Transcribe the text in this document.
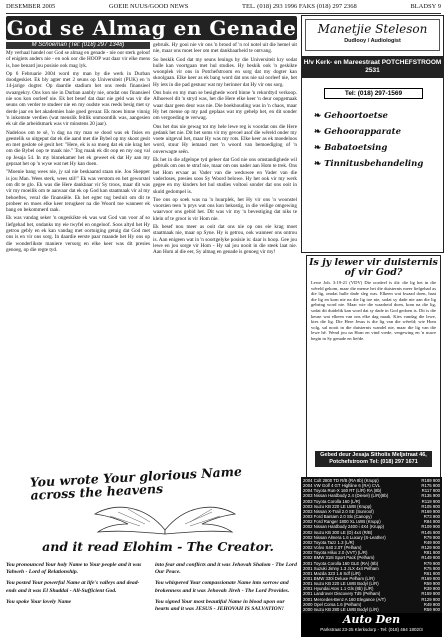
DESEMBER 2005	GOEIE NUUS/GOOD NEWS	TEL. (018) 293 1996 FAKS (018) 297 2368	BLADSY 9
God se Almag en Genade
M Schoeman (Tel: (018) 297 1348)

My verhaal handel oor God se almag en genade - nie oor sterk geloof of enigiets anders nie - en ook oor die HOOP wat daar vir elke mens is, hoe benard jou posisie ook mag lyk.

Op 6 Februarie 2004 word my man by die werk in Durban doodgeskiet. Ek bly agter met 2 seuns op Universiteit (PUK) en 'n 14-jarige dogter. Op daardie stadium het ons reeds finansieel swaargekry. Ons kon nie in Durban aanbly nie, omdat ons finansieel nie sou kon oorleef nie. Ek het besef dat daar nie geld was vir die seuns om verder te studeer nie en my oudste was reeds besig met sy derde jaar en het akademies baie goed gevaar. Ek moes binne vinnig 'n inkomste verdien (wat menslik feitlik onmoontlik was, aangesien ek uit die arbeidsmark was vir minstens 20 jaar).

Nadeloos om te sê, 'n dag na my man se dood was ek fisies en geestelik so uitgeput dat ek die aand met die Bybel op my skoot gesit en met geslote oë gesit het: "Here, ek is so moeg dat ek nie krag het om die Bybel oop te maak nie." Tog maak ek dit oop en my oog val op Jesaja 54. In my binnekamer het ek geweet ek dat Hy aan my gepraat het op 'n wyse wat net Hy kan doen.

"Moenie bang wees nie, jy sal nie beskaamd staan nie. Jou Skepper is jou Man. Wees sterk, wees stil!" Ek was verstom en het geworstel om dit te glo. Ek was die Here dankbaar vir Sy troos, maar dit was vir my moeilik om te aanvaar dat ek op God kan staatmaak vir al my behoeftes, veral die finansiële. Ek het egter tog besluit om dit te probeer en moes elke keer terugkeer na die Woord toe wanneer ek bang en bekommerd raak.

Ek was vandag seker 'n ongeskikte ek was wat God van voor af so liefgehad het, ondanks my eie twyfel en ongeloof. Soos altyd het Hy getrou gebly en ek kan vandag met oortuiging getuig dat God met ons is en vir ons sorg. In daardie eerste paar maande het Hy ons op die wonderlikste maniere versorg en elke keer was dit presies genoeg, op die regte tyd.

gebruik. Hy gooi nie vir ons 'n brood of 'n rol notel uit die hemel uit nie, maar ons moet leer om met dankbaarheid te ontvang.

So beskik God dat my seuns lenings by die Universiteit kry sodat hulle kan voortgaan met hul studies. Hy beskik ook 'n geskikte woonplek vir ons in Potchefstroom en sorg dat my dogter kan skoolgaan. Elke keer as ek bang word dat ons nie sal oorleef nie, het Hy iets in die pad gestuur wat my herinner dat Hy vir ons sorg.

Ons huis en my man se besighede word binne 'n rekordtyd verkoop. Alhoewel dit 'n stryd was, het die Here elke keer 'n deur oopgemaak waar daar geen deur was nie. Die boekhouding was in 'n chaos, maar Hy het mense op my pad geplaas wat my gehelp het, en dit sonder om vergoeding te verwag.

Ons het dus nie gewag tot my hele lewe reg is voordat ons die Here gedank het nie. Dit het soms vir my gevoel asof die wêreld onder my voete uitgeval het, maar Hy was my rots. Elke keer as ek moedeloos word, stuur Hy iemand met 'n woord van bemoediging of 'n onverwagte seën.

Ek het in die afgelope tyd geleer dat God nie ons omstandighede wil gebruik om ons te straf nie, maar om ons nader aan Hom te trek. Ons het Hom ervaar as Vader van die weduwee en Vader van die vaderloses, presies soos Sy Woord belowe. Hy het ook vir my werk gegee en my kinders het hul studies voltooi sonder dat ons ooit in skuld gedompel is.

Toe ons op soek was na 'n huurplek, het Hy vir ons 'n woonstel voorsien teen 'n prys wat ons kon bekostig, in die veilige omgewing waarvoor ons gebid het. Dit was vir my 'n bevestiging dat niks te klein of te groot is vir Hom nie.

Ek besef nou meer as ooit dat ons nie op ons eie krag moet staatmaak nie, maar op Syne. Hy is getrou, ook wanneer ons ontrou is. Aan enigeen wat in 'n soortgelyke posisie is: daar is hoop. Gee jou lewe en jou sorge vir Hom - Hy sal jou nooit in die steek laat nie. Aan Hom al die eer, Sy almag en genade is genoeg vir my!

Manetjie Steleson
Dudlooy / Audiologist
H/v Kerk- en Mareestraat POTCHEFSTROOM 2531
Tel: (018) 297-1569
❧ Gehoortoetse
❧ Gehoorapparate
❧ Babatoetsing
❧ Tinnitusbehandeling
Is jy lewer vir duisternis of vir God?
Lewe Joh. 3:19-21 (VDV) Die oordeel is dit: die lig het in die wêreld gekom, maar die mense het die duisternis meer liefgehad as die lig, omdat hulle dade sleg was. Elkeen wat kwaad doen, haat die lig en kom nie na die lig toe nie, sodat sy dade nie aan die lig gebring word nie. Maar wie die waarheid doen, kom na die lig, sodat dit duidelik kan word dat sy dade in God gedoen is. Dit is die keuse wat elkeen van ons elke dag maak. Kies vandag die lewe, kies die lig. Die Here Jesus is die lig van die wêreld; wie Hom volg, sal nooit in die duisternis wandel nie, maar die lig van die lewe hê. Wend jou na Hom en vind vrede, vergewing en 'n nuwe begin in Sy genade en liefde.
Gebed deur Jesaja Sitholis Meljstraat 46, Potchefstroom Tel: (018) 297 1671
You wrote Your glorious Name across the heavens
and it read Elohim - The Creator.

You pronounced Your holy Name to Your people and it was Yahweh - Lord of Relationship.

You posted Your powerful Name at life's valleys and dead-ends and it was El Shaddai - All-Sufficient God.

You spoke Your lovely Name

into fear and conflicts and it was Jehovah Shalom - The Lord Our Peace.

You whispered Your compassionate Name into sorrow and brokenness and it was Jehovah Jireh - The Lord Provides.

You signed Your most beautiful Name in blood upon our hearts and it was JESUS - JEHOVAH IS SALVATION!

2004 Colt 2800 TD R/B (RA 8b) (Krupp)	R189 900
2004 VW Golf 4 GT Highline 6 (RA) CVL	R175 900
2004 Toyota Run-X 160 RT (L/R) RA (8b)	R117 900
2003 Nissan Hardbody 2.4 (Diesel) (L/R)(8b)	R135 900
2003 Toyota Corolla 160 (L/R)	R119 900
2003 Isuzu KB 220 LE LWB (Krupp)	R105 900
2003 Nissan X-Trail 2.0 SE (Sunroof)	R169 900
2003 Ford Bantam 2.0 Slx (Canopy)	R73 900
2002 Ford Ranger 1800 XL LWB (Krupp)	R84 900
2002 Nissan Hardbody 2400 i 4X4 (Krupp)	R109 900
2002 Isuzu KB 300 LE (D) 4x4 (R/B)	R145 900
2002 Nissan Almera 1.6 Luxury (S-Leather)	R79 900
2002 Toyota Tazz 1.3 (L/R)	R49 900
2002 Volvo S40 2.0T (Pelham)	R129 900
2002 Toyota Hilux 2.0 (VVT) (L/R)	R81 900
2002 BMW 318i Sport Pack (Pelham)	R149 900
2001 Toyota Corolla 160 GLE (RA) (8b)	R79 900
2001 Suzuki Jimny 1.3 JLX 4x4 Pelham	R75 900
2001 Mazda 323 1.6 Sdf (L/R)	R61 900
2001 BMW 330i Deluxe Pelham (L/R)	R169 900
2001 Isuzu KB 220 LE LWB Bodyl (L/R)	R59 900
2001 Hyundai Atos 1.1 Gls (8b) (L/R)	R39 900
2001 Landrover Discovery Td5 (Pelham)	R159 900
2001 Mercedes-Benz A 160 Elegance (A/T)	R129 900
2000 Opel Corsa 1.6 (Pelham)	R49 900
2000 Isuzu KB 280 LE LWB Bodyl (L/R)	R59 900
Auto Den
Parkstraat 23-25 Klerksdorp - Tel: (018) 464 1802/3
